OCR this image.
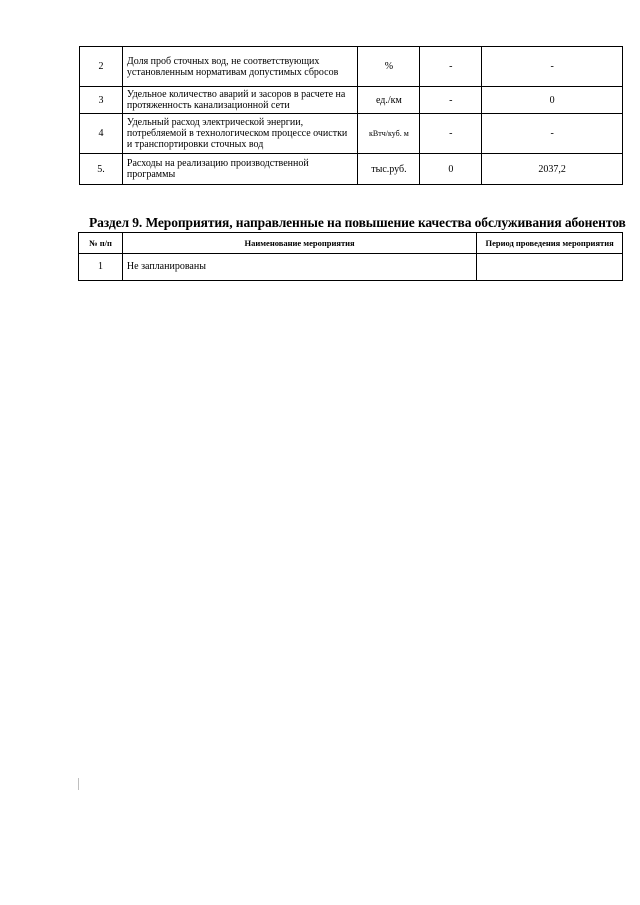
2	Доля проб сточных вод, не соответствующих установленным нормативам допустимых сбросов	%	-	-
3	Удельное количество аварий и засоров в расчете на протяженность канализационной сети	ед./км	-	0
4	Удельный расход электрической энергии, потребляемой в технологическом процессе очистки и транспортировки сточных вод	кВтч/куб. м	-	-
5.	Расходы на реализацию производственной программы	тыс.руб.	0	2037,2
Раздел 9. Мероприятия, направленные на повышение качества обслуживания абонентов
№ п/п	Наименование мероприятия	Период проведения мероприятия
1	Не запланированы	
